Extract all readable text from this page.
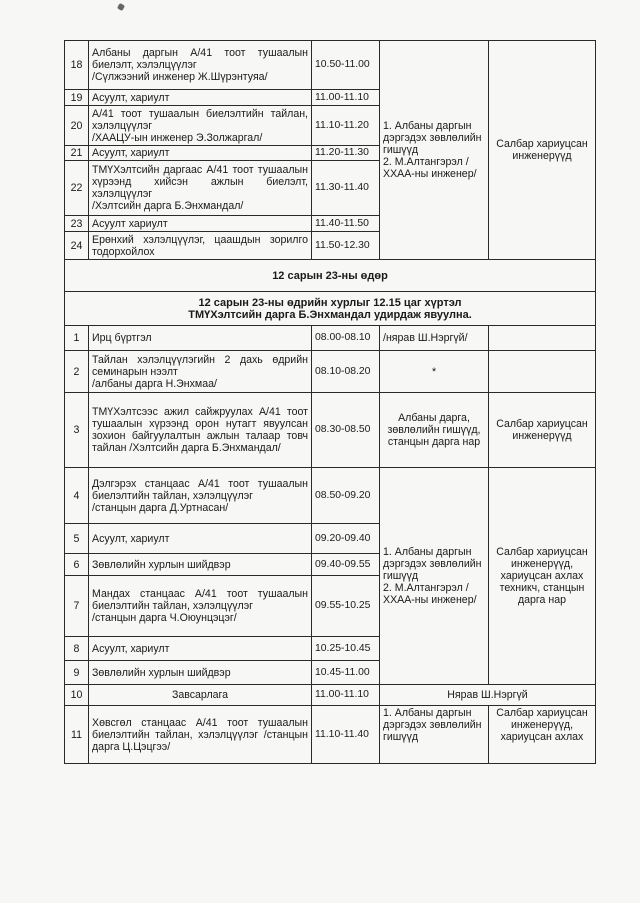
18	Албаны даргын А/41 тоот тушаалын биелэлт, хэлэлцүүлэг
/Сүлжээний инженер Ж.Шүрэнтуяа/	10.50-11.00	1. Албаны даргын дэргэдэх зөвлөлийн гишүүд
2. М.Алтангэрэл /ХХАА-ны инженер/	Салбар хариуцсан инженерүүд
19	Асуулт, хариулт	11.00-11.10		
20	А/41 тоот тушаалын биелэлтийн тайлан, хэлэлцүүлэг
/ХААЦУ-ын инженер Э.Золжаргал/	11.10-11.20		
21	Асуулт, хариулт	11.20-11.30		
22	ТМҮХэлтсийн даргаас А/41 тоот тушаалын хүрээнд хийсэн ажлын биелэлт, хэлэлцүүлэг
/Хэлтсийн дарга Б.Энхмандал/	11.30-11.40		
23	Асуулт хариулт	11.40-11.50		
24	Ерөнхий хэлэлцүүлэг, цаашдын зорилго тодорхойлох	11.50-12.30		
12 сарын 23-ны өдөр				
12 сарын 23-ны өдрийн хурлыг 12.15 цаг хүртэл
ТМҮХэлтсийн дарга Б.Энхмандал удирдаж явуулна.				
1	Ирц бүртгэл	08.00-08.10	/нярав Ш.Нэргүй/	
2	Тайлан хэлэлцүүлэгийн 2 дахь өдрийн семинарын нээлт
/албаны дарга Н.Энхмаа/	08.10-08.20	*	
3	ТМҮХэлтсээс ажил сайжруулах А/41 тоот тушаалын хүрээнд орон нутагт явуулсан зохион байгуулалтын ажлын талаар товч тайлан /Хэлтсийн дарга Б.Энхмандал/	08.30-08.50	Албаны дарга, зөвлөлийн гишүүд, станцын дарга нар	Салбар хариуцсан инженерүүд
4	Дэлгэрэх станцаас А/41 тоот тушаалын биелэлтийн тайлан, хэлэлцүүлэг
/станцын дарга Д.Уртнасан/	08.50-09.20	1. Албаны даргын дэргэдэх зөвлөлийн гишүүд
2. М.Алтангэрэл /ХХАА-ны инженер/	Салбар хариуцсан инженерүүд, хариуцсан ахлах техникч, станцын дарга нар
5	Асуулт, хариулт	09.20-09.40		
6	Зөвлөлийн хурлын шийдвэр	09.40-09.55		
7	Мандах станцаас А/41 тоот тушаалын биелэлтийн тайлан, хэлэлцүүлэг
/станцын дарга Ч.Оюунцэцэг/	09.55-10.25		
8	Асуулт, хариулт	10.25-10.45		
9	Зөвлөлийн хурлын шийдвэр	10.45-11.00		
10	Завсарлага	11.00-11.10	Нярав Ш.Нэргүй	
11	Хөвсгөл станцаас А/41 тоот тушаалын биелэлтийн тайлан, хэлэлцүүлэг /станцын дарга Ц.Цэцгээ/	11.10-11.40	1. Албаны даргын дэргэдэх зөвлөлийн гишүүд	Салбар хариуцсан инженерүүд, хариуцсан ахлах
